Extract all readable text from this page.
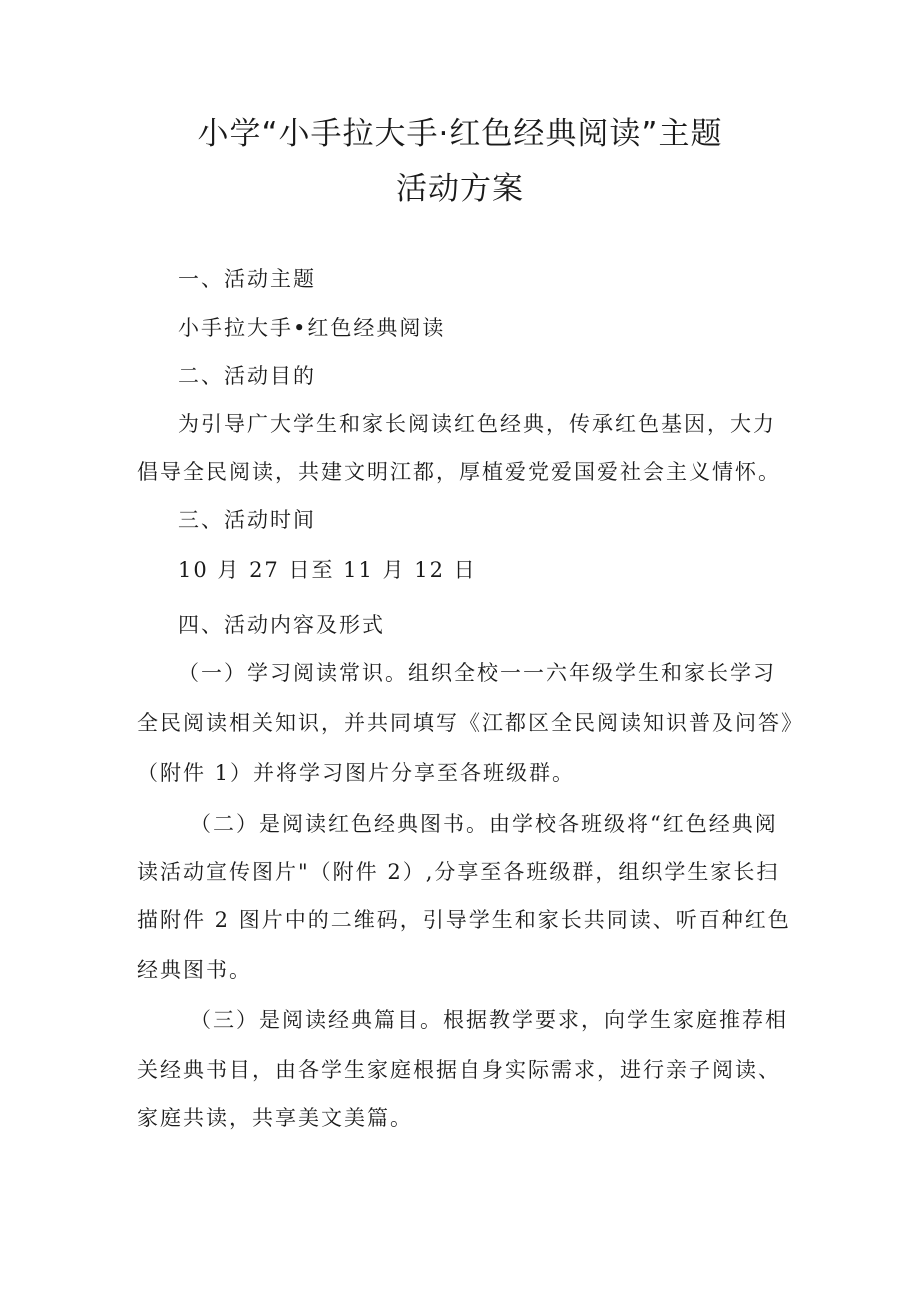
小学“小手拉大手·红色经典阅读”主题
活动方案
一、活动主题
小手拉大手•红色经典阅读
二、活动目的
为引导广大学生和家长阅读红色经典，传承红色基因，大力
倡导全民阅读，共建文明江都，厚植爱党爱国爱社会主义情怀。
三、活动时间
10 月 27 日至 11 月 12 日
四、活动内容及形式
（一）学习阅读常识。组织全校一一六年级学生和家长学习
全民阅读相关知识，并共同填写《江都区全民阅读知识普及问答》
（附件 1）并将学习图片分享至各班级群。
（二）是阅读红色经典图书。由学校各班级将“红色经典阅
读活动宣传图片"（附件 2）,分享至各班级群，组织学生家长扫
描附件 2 图片中的二维码，引导学生和家长共同读、听百种红色
经典图书。
（三）是阅读经典篇目。根据教学要求，向学生家庭推荐相
关经典书目，由各学生家庭根据自身实际需求，进行亲子阅读、
家庭共读，共享美文美篇。
